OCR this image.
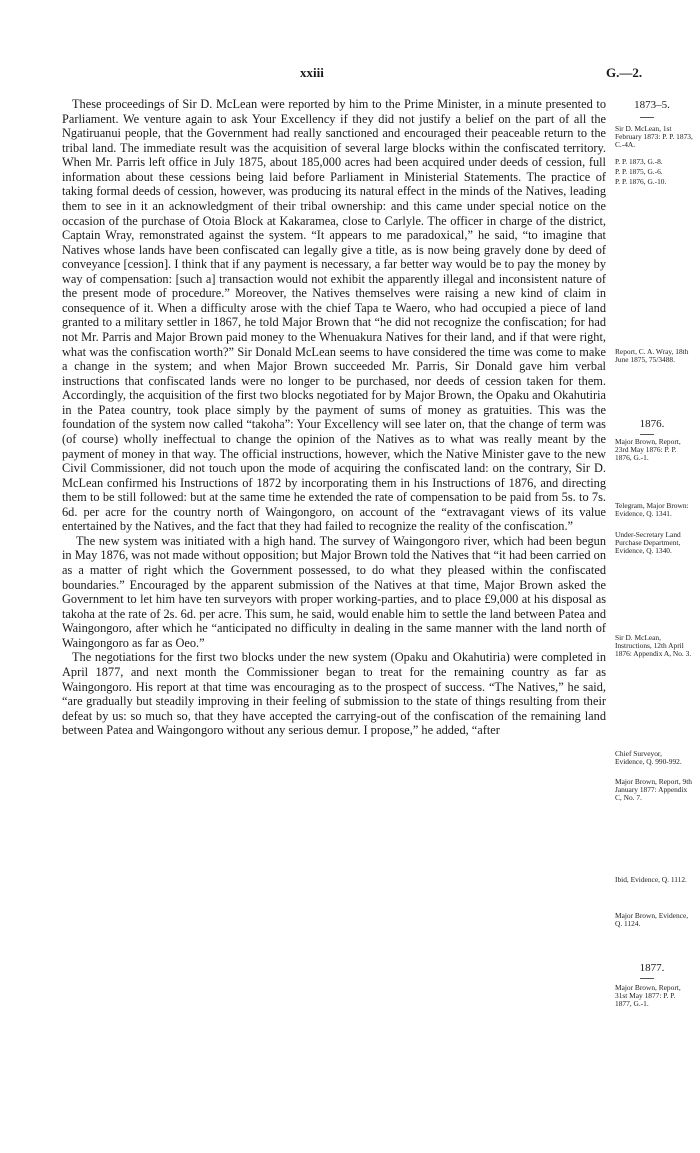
xxiii	G.—2.

These proceedings of Sir D. McLean were reported by him to the Prime Minister, in a minute presented to Parliament. We venture again to ask Your Excellency if they did not justify a belief on the part of all the Ngatiruanui people, that the Government had really sanctioned and encouraged their peaceable return to the tribal land. The immediate result was the acquisition of several large blocks within the confiscated territory. When Mr. Parris left office in July 1875, about 185,000 acres had been acquired under deeds of cession, full information about these cessions being laid before Parliament in Ministerial Statements. The practice of taking formal deeds of cession, however, was producing its natural effect in the minds of the Natives, leading them to see in it an acknowledgment of their tribal ownership: and this came under special notice on the occasion of the purchase of Otoia Block at Kakaramea, close to Carlyle. The officer in charge of the district, Captain Wray, remonstrated against the system. “It appears to me paradoxical,” he said, “to imagine that Natives whose lands have been confiscated can legally give a title, as is now being gravely done by deed of conveyance [cession]. I think that if any payment is necessary, a far better way would be to pay the money by way of compensation: [such a] transaction would not exhibit the apparently illegal and inconsistent nature of the present mode of procedure.” Moreover, the Natives themselves were raising a new kind of claim in consequence of it. When a difficulty arose with the chief Tapa te Waero, who had occupied a piece of land granted to a military settler in 1867, he told Major Brown that “he did not recognize the confiscation; for had not Mr. Parris and Major Brown paid money to the Whenuakura Natives for their land, and if that were right, what was the confiscation worth?” Sir Donald McLean seems to have considered the time was come to make a change in the system; and when Major Brown succeeded Mr. Parris, Sir Donald gave him verbal instructions that confiscated lands were no longer to be purchased, nor deeds of cession taken for them. Accordingly, the acquisition of the first two blocks negotiated for by Major Brown, the Opaku and Okahutiria in the Patea country, took place simply by the payment of sums of money as gratuities. This was the foundation of the system now called “takoha”: Your Excellency will see later on, that the change of term was (of course) wholly ineffectual to change the opinion of the Natives as to what was really meant by the payment of money in that way. The official instructions, however, which the Native Minister gave to the new Civil Commissioner, did not touch upon the mode of acquiring the confiscated land: on the contrary, Sir D. McLean confirmed his Instructions of 1872 by incorporating them in his Instructions of 1876, and directing them to be still followed: but at the same time he extended the rate of compensation to be paid from 5s. to 7s. 6d. per acre for the country north of Waingongoro, on account of the “extravagant views of its value entertained by the Natives, and the fact that they had failed to recognize the reality of the confiscation.”

The new system was initiated with a high hand. The survey of Waingongoro river, which had been begun in May 1876, was not made without opposition; but Major Brown told the Natives that “it had been carried on as a matter of right which the Government possessed, to do what they pleased within the confiscated boundaries.” Encouraged by the apparent submission of the Natives at that time, Major Brown asked the Government to let him have ten surveyors with proper working-parties, and to place £9,000 at his disposal as takoha at the rate of 2s. 6d. per acre. This sum, he said, would enable him to settle the land between Patea and Waingongoro, after which he “anticipated no difficulty in dealing in the same manner with the land north of Waingongoro as far as Oeo.”

The negotiations for the first two blocks under the new system (Opaku and Okahutiria) were completed in April 1877, and next month the Commissioner began to treat for the remaining country as far as Waingongoro. His report at that time was encouraging as to the prospect of success. “The Natives,” he said, “are gradually but steadily improving in their feeling of submission to the state of things resulting from their defeat by us: so much so, that they have accepted the carrying-out of the confiscation of the remaining land between Patea and Waingongoro without any serious demur. I propose,” he added, “after

1873–5.
Sir D. McLean, 1st February 1873: P. P. 1873, C.-4A.
P. P. 1873, G.-8.
P. P. 1875, G.-6.
P. P. 1876, G.-10.
Report, C. A. Wray, 18th June 1875, 75/3488.
1876.
Major Brown, Report, 23rd May 1876: P. P. 1876, G.-1.
Telegram, Major Brown: Evidence, Q. 1341.
Under-Secretary Land Purchase Department, Evidence, Q. 1340.
Sir D. McLean, Instructions, 12th April 1876: Appendix A, No. 3.
Chief Surveyor, Evidence, Q. 990-992.
Major Brown, Report, 9th January 1877: Appendix C, No. 7.
Ibid, Evidence, Q. 1112.
Major Brown, Evidence, Q. 1124.
1877.
Major Brown, Report, 31st May 1877: P. P. 1877, G.-1.
